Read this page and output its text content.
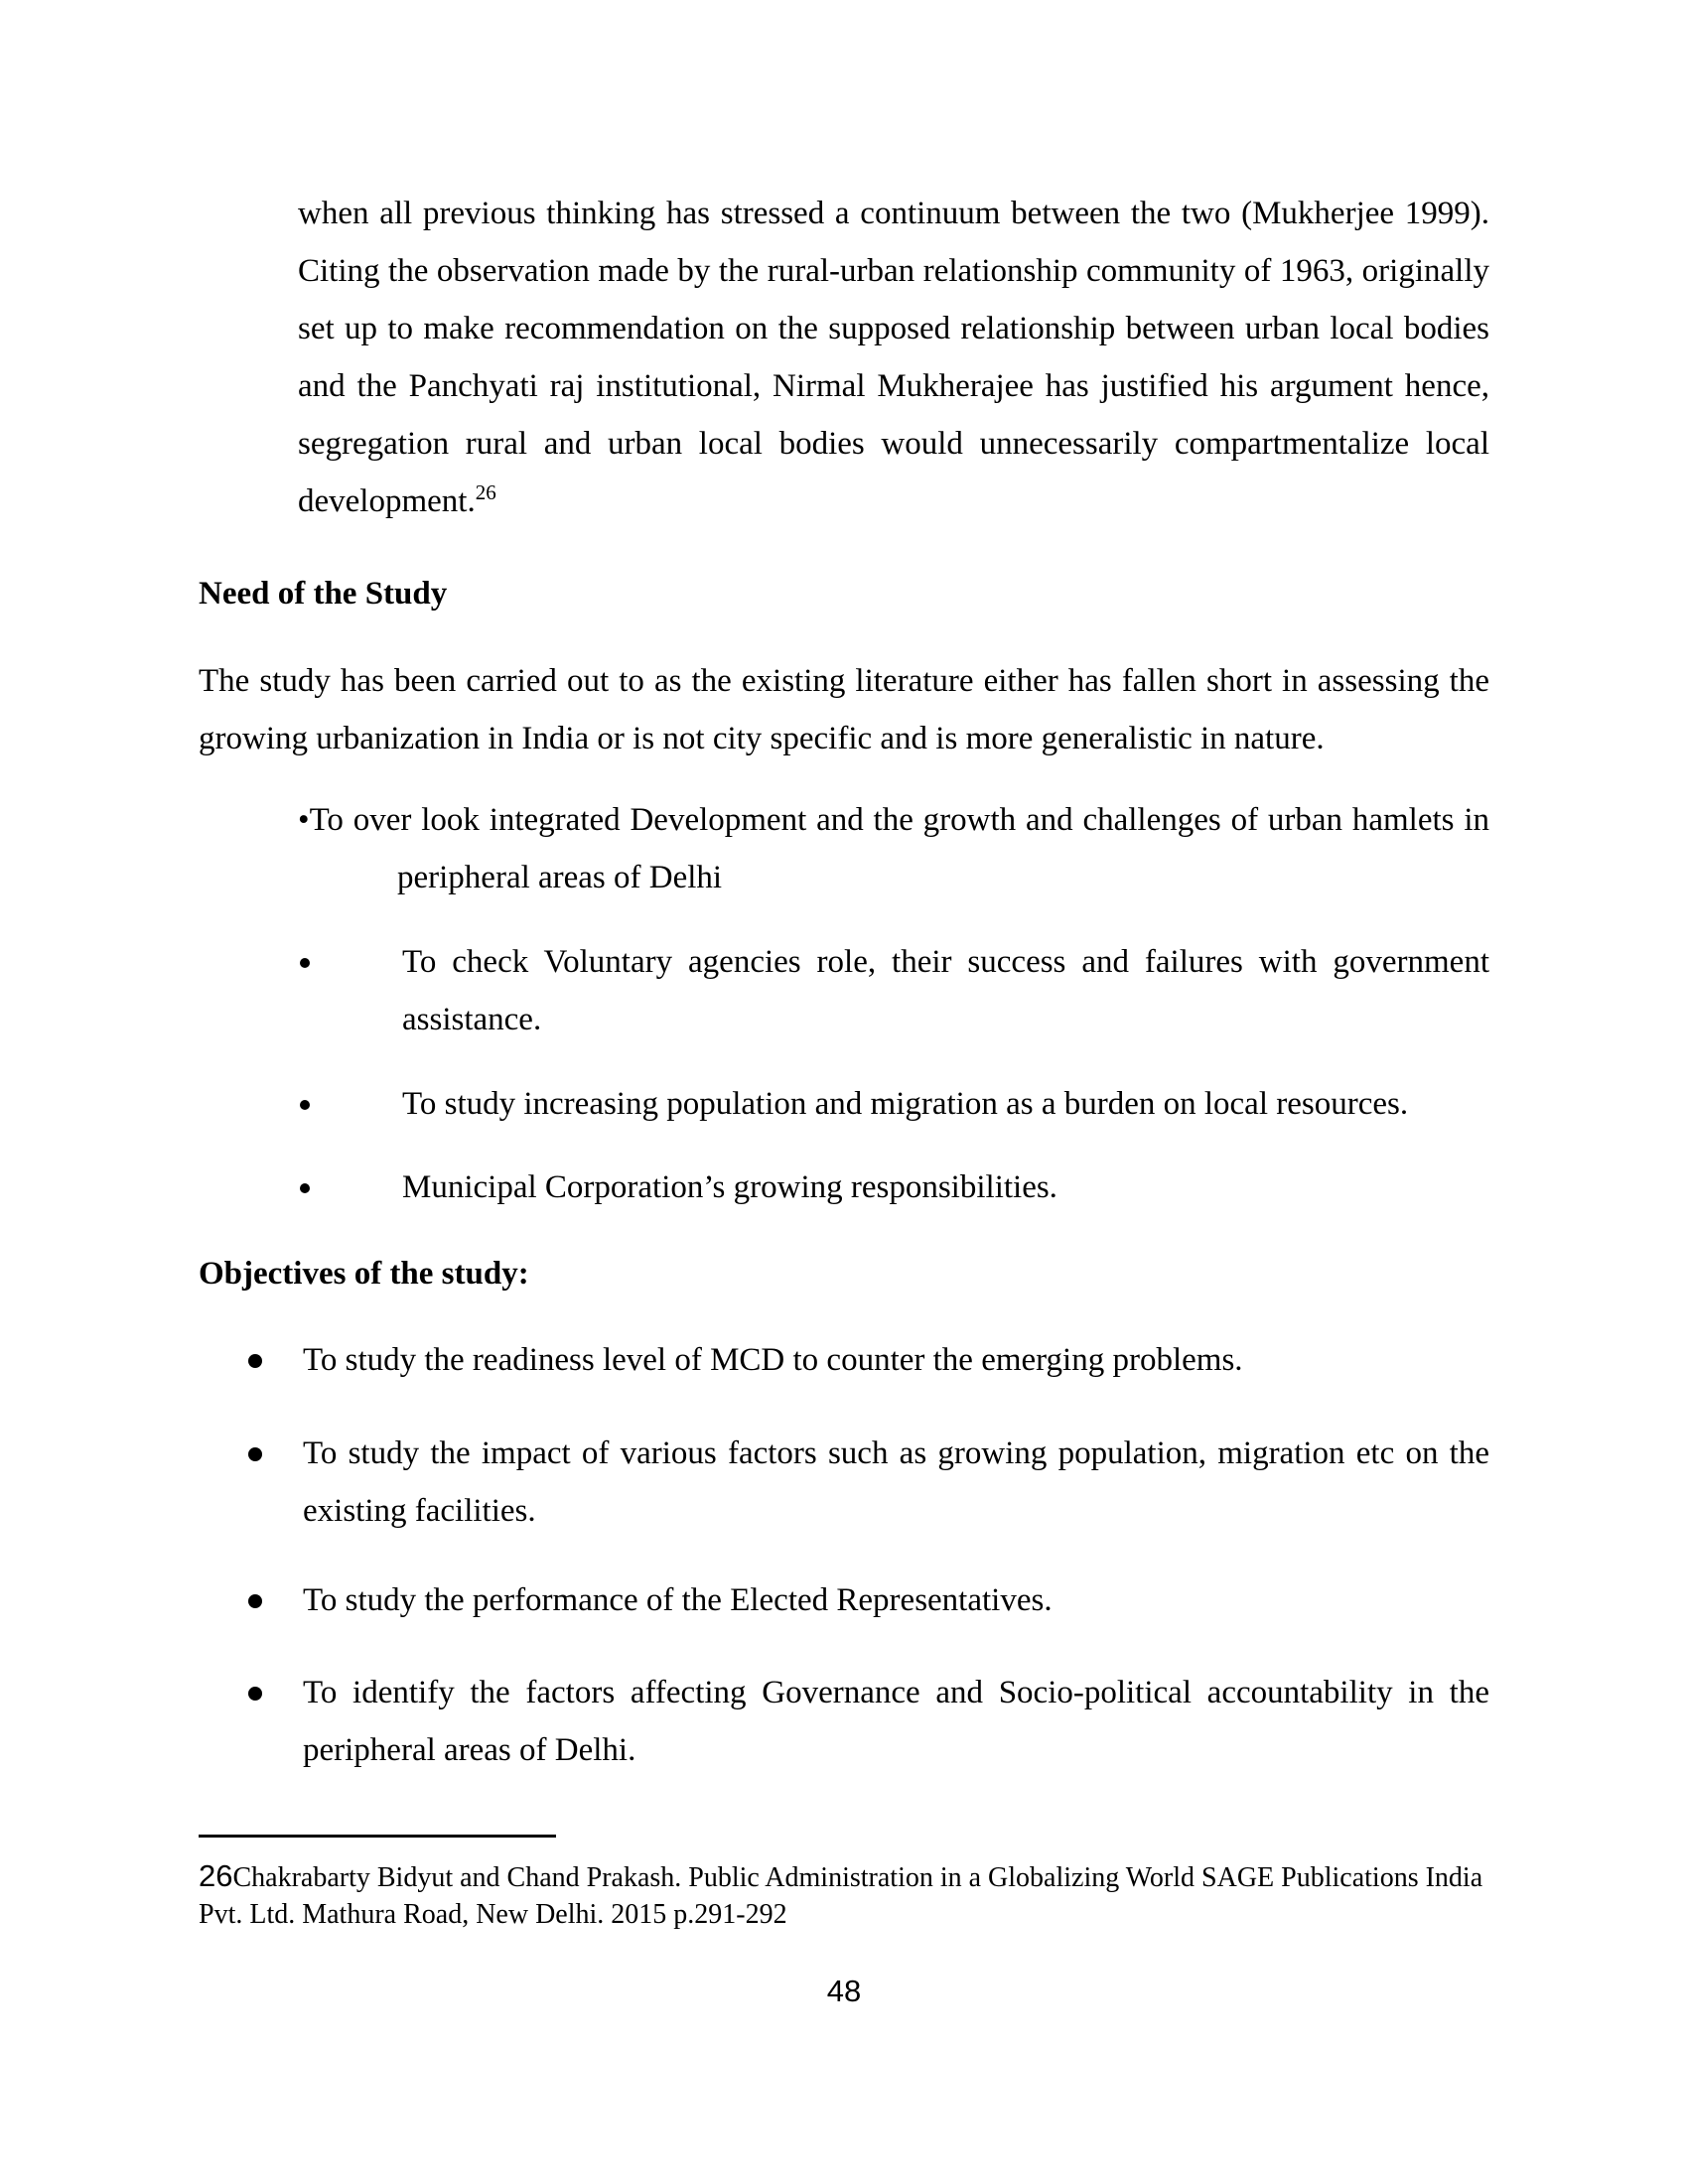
when all previous thinking has stressed a continuum between the two (Mukherjee 1999). Citing the observation made by the rural-urban relationship community of 1963, originally set up to make recommendation on the supposed relationship between urban local bodies and the Panchyati raj institutional, Nirmal Mukherajee has justified his argument hence, segregation rural and urban local bodies would unnecessarily compartmentalize local development.$^{26}$

Need of the Study

The study has been carried out to as the existing literature either has fallen short in assessing the growing urbanization in India or is not city specific and is more generalistic in nature.

•To over look integrated Development and the growth and challenges of urban hamlets in peripheral areas of Delhi
To check Voluntary agencies role, their success and failures with government assistance.
To study increasing population and migration as a burden on local resources.
Municipal Corporation’s growing responsibilities.
Objectives of the study:
To study the readiness level of MCD to counter the emerging problems.
To study the impact of various factors such as growing population, migration etc on the existing facilities.
To study the performance of the Elected Representatives.
To identify the factors affecting Governance and Socio-political accountability in the peripheral areas of Delhi.

26Chakrabarty Bidyut and Chand Prakash. Public Administration in a Globalizing World SAGE Publications India Pvt. Ltd. Mathura Road, New Delhi. 2015 p.291-292

48
